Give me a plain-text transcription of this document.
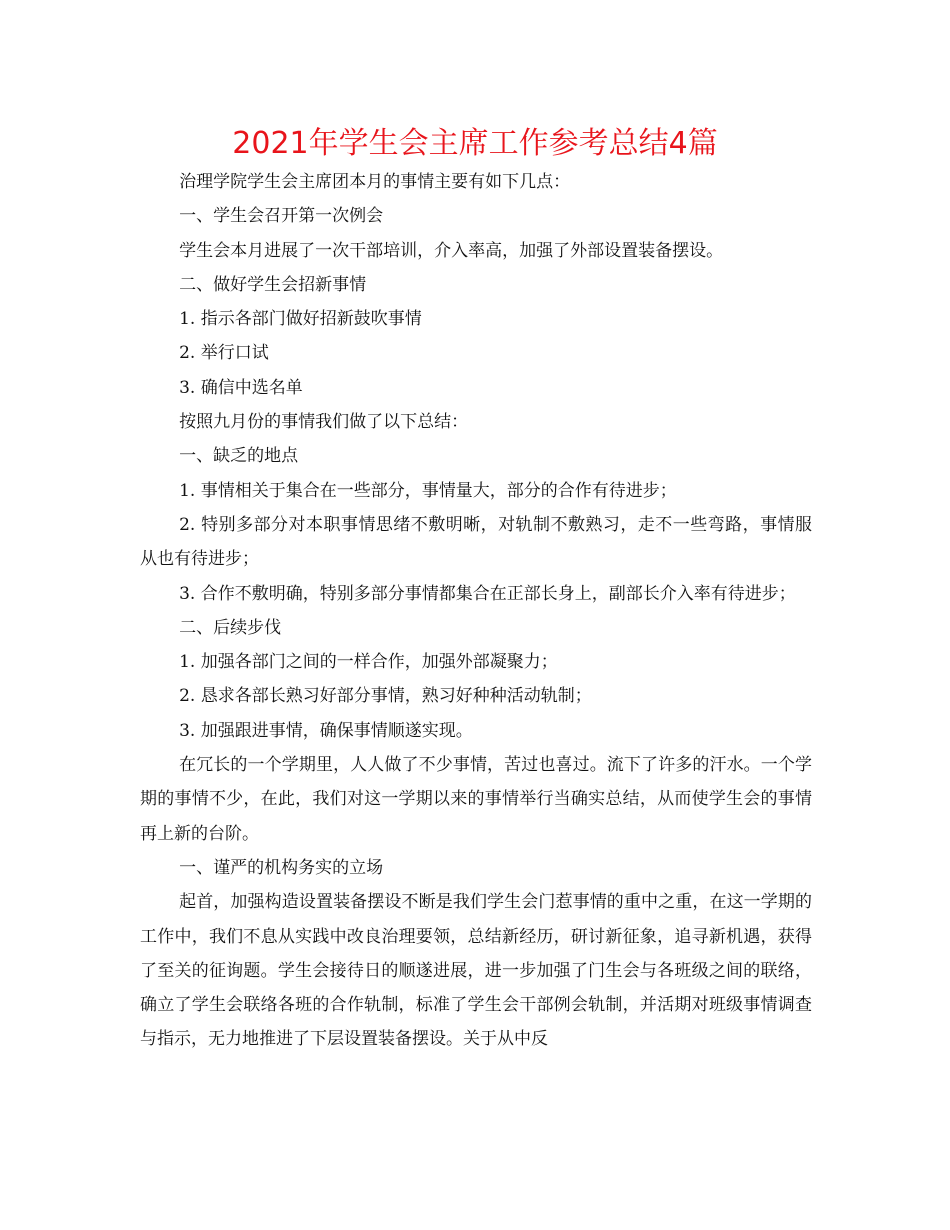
2021年学生会主席工作参考总结4篇

治理学院学生会主席团本月的事情主要有如下几点：

一、学生会召开第一次例会

学生会本月进展了一次干部培训，介入率高，加强了外部设置装备摆设。

二、做好学生会招新事情

1. 指示各部门做好招新鼓吹事情

2. 举行口试

3. 确信中选名单

按照九月份的事情我们做了以下总结：

一、缺乏的地点

1. 事情相关于集合在一些部分，事情量大，部分的合作有待进步；

2. 特别多部分对本职事情思绪不敷明晰，对轨制不敷熟习，走不一些弯路，事情服从也有待进步；

3. 合作不敷明确，特别多部分事情都集合在正部长身上，副部长介入率有待进步；

二、后续步伐

1. 加强各部门之间的一样合作，加强外部凝聚力；

2. 恳求各部长熟习好部分事情，熟习好种种活动轨制；

3. 加强跟进事情，确保事情顺遂实现。

在冗长的一个学期里，人人做了不少事情，苦过也喜过。流下了许多的汗水。一个学期的事情不少，在此，我们对这一学期以来的事情举行当确实总结，从而使学生会的事情再上新的台阶。

一、谨严的机构务实的立场

起首，加强构造设置装备摆设不断是我们学生会门惹事情的重中之重，在这一学期的工作中，我们不息从实践中改良治理要领，总结新经历，研讨新征象，追寻新机遇，获得了至关的征询题。学生会接待日的顺遂进展，进一步加强了门生会与各班级之间的联络，确立了学生会联络各班的合作轨制，标准了学生会干部例会轨制，并活期对班级事情调查与指示，无力地推进了下层设置装备摆设。关于从中反
